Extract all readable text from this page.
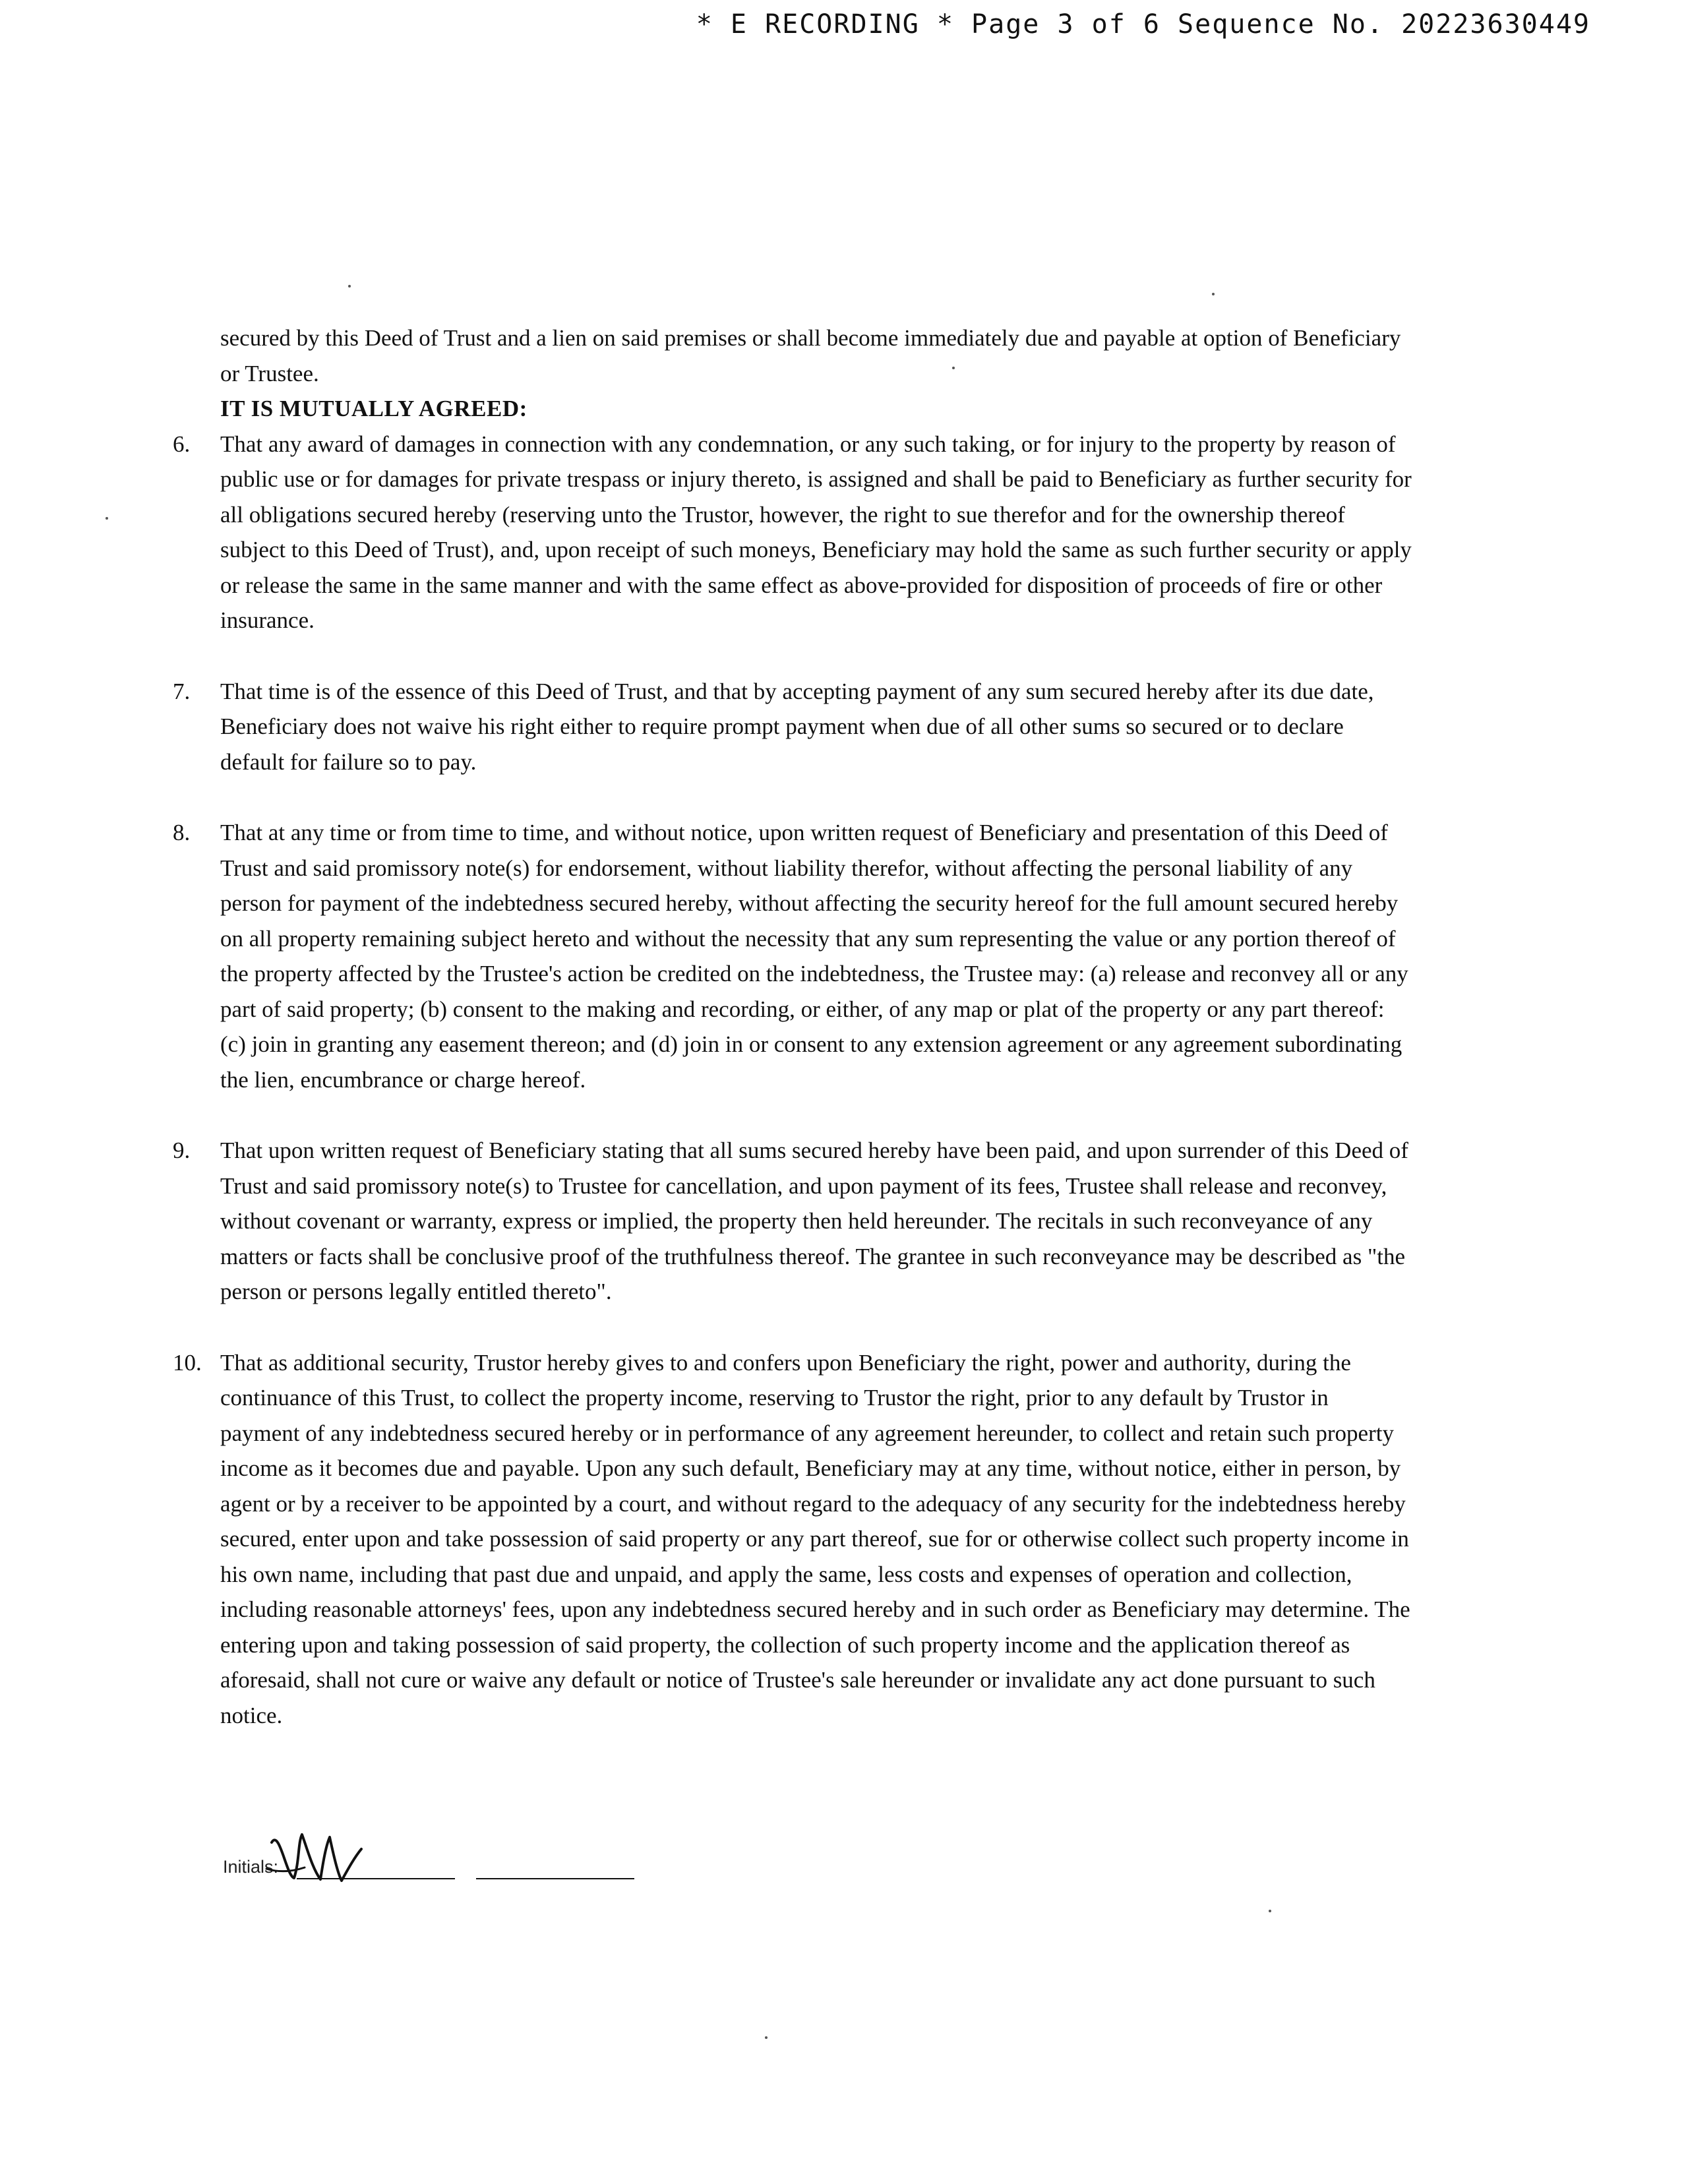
* E RECORDING * Page 3 of 6 Sequence No. 20223630449

secured by this Deed of Trust and a lien on said premises or shall become immediately due and payable at option of Beneficiary or Trustee.

IT IS MUTUALLY AGREED:

6.	That any award of damages in connection with any condemnation, or any such taking, or for injury to the property by reason of public use or for damages for private trespass or injury thereto, is assigned and shall be paid to Beneficiary as further security for all obligations secured hereby (reserving unto the Trustor, however, the right to sue therefor and for the ownership thereof subject to this Deed of Trust), and, upon receipt of such moneys, Beneficiary may hold the same as such further security or apply or release the same in the same manner and with the same effect as above-provided for disposition of proceeds of fire or other insurance.
7.	That time is of the essence of this Deed of Trust, and that by accepting payment of any sum secured hereby after its due date, Beneficiary does not waive his right either to require prompt payment when due of all other sums so secured or to declare default for failure so to pay.
8.	That at any time or from time to time, and without notice, upon written request of Beneficiary and presentation of this Deed of Trust and said promissory note(s) for endorsement, without liability therefor, without affecting the personal liability of any person for payment of the indebtedness secured hereby, without affecting the security hereof for the full amount secured hereby on all property remaining subject hereto and without the necessity that any sum representing the value or any portion thereof of the property affected by the Trustee's action be credited on the indebtedness, the Trustee may: (a) release and reconvey all or any part of said property; (b) consent to the making and recording, or either, of any map or plat of the property or any part thereof: (c) join in granting any easement thereon; and (d) join in or consent to any extension agreement or any agreement subordinating the lien, encumbrance or charge hereof.
9.	That upon written request of Beneficiary stating that all sums secured hereby have been paid, and upon surrender of this Deed of Trust and said promissory note(s) to Trustee for cancellation, and upon payment of its fees, Trustee shall release and reconvey, without covenant or warranty, express or implied, the property then held hereunder. The recitals in such reconveyance of any matters or facts shall be conclusive proof of the truthfulness thereof. The grantee in such reconveyance may be described as "the person or persons legally entitled thereto".
10. That as additional security, Trustor hereby gives to and confers upon Beneficiary the right, power and authority, during the continuance of this Trust, to collect the property income, reserving to Trustor the right, prior to any default by Trustor in payment of any indebtedness secured hereby or in performance of any agreement hereunder, to collect and retain such property income as it becomes due and payable. Upon any such default, Beneficiary may at any time, without notice, either in person, by agent or by a receiver to be appointed by a court, and without regard to the adequacy of any security for the indebtedness hereby secured, enter upon and take possession of said property or any part thereof, sue for or otherwise collect such property income in his own name, including that past due and unpaid, and apply the same, less costs and expenses of operation and collection, including reasonable attorneys' fees, upon any indebtedness secured hereby and in such order as Beneficiary may determine. The entering upon and taking possession of said property, the collection of such property income and the application thereof as aforesaid, shall not cure or waive any default or notice of Trustee's sale hereunder or invalidate any act done pursuant to such notice.
Initials:
